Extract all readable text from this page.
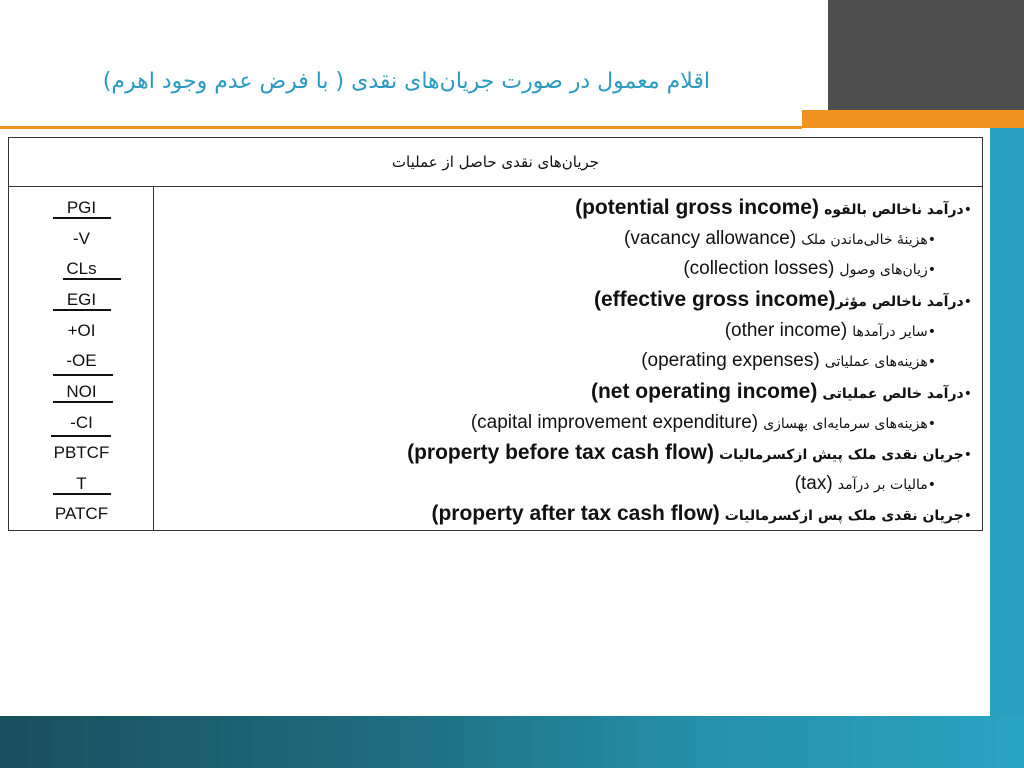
اقلام معمول در صورت جریان‌های نقدی ( با فرض عدم وجود اهرم)
جریان‌های نقدی حاصل از عملیات
PGI
-V
CLs
EGI
+OI
-OE
NOI
-CI
PBTCF
T
PATCF
•درآمد ناخالص بالقوه (potential gross income)
•هزینۀ خالی‌ماندن ملک (vacancy allowance)
•زیان‌های وصول (collection losses)
•درآمد ناخالص مؤثر(effective gross income)
•سایر درآمدها (other income)
•هزینه‌های عملیاتی (operating expenses)
•درآمد خالص عملیاتی (net operating income)
•هزینه‌های سرمایه‌ای بهسازی (capital improvement expenditure)
•جریان نقدی ملک پیش ازکسرمالیات (property before tax cash flow)
•مالیات بر درآمد (tax)
•جریان نقدی ملک پس ازکسرمالیات (property after tax cash flow)
